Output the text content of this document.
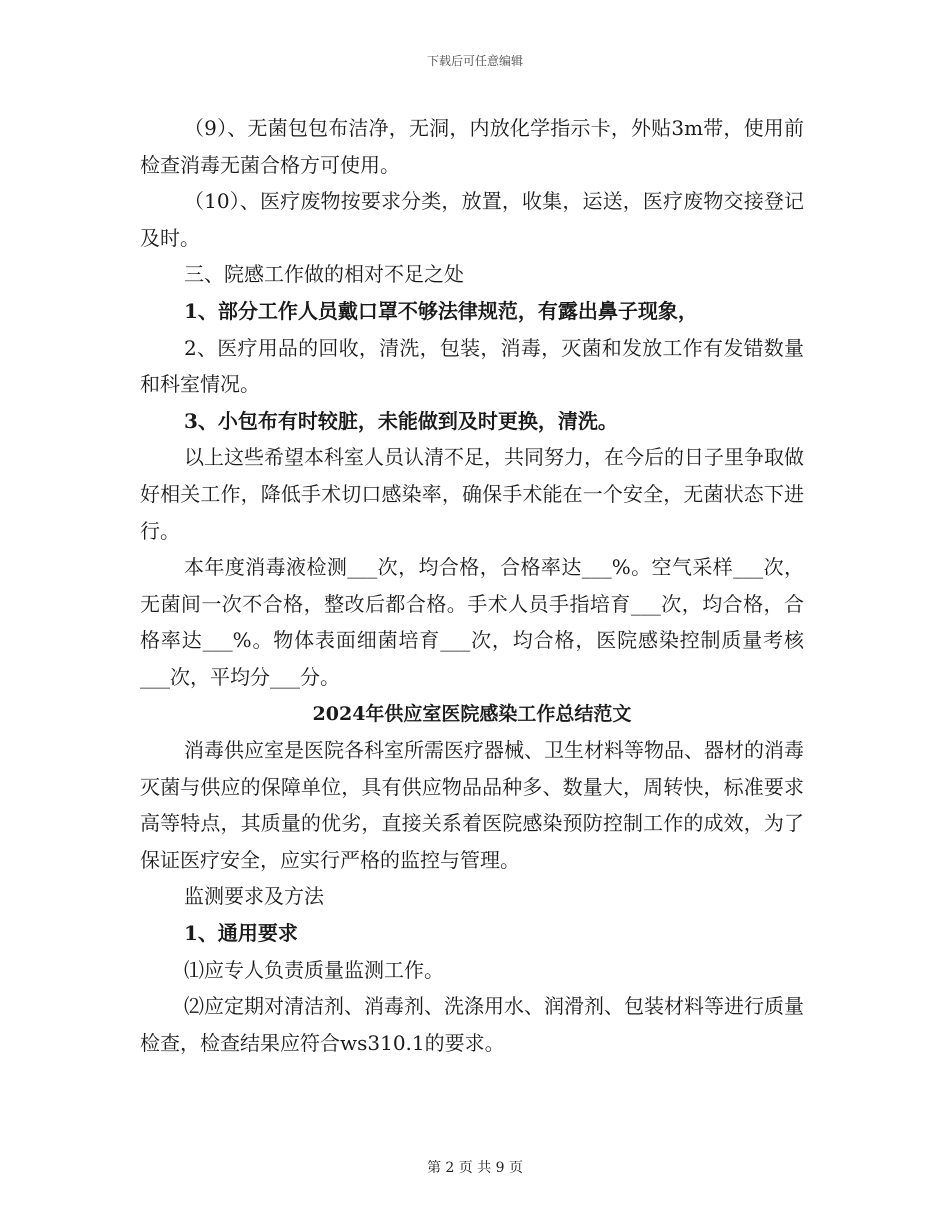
下载后可任意编辑

（9）、无菌包包布洁净，无洞，内放化学指示卡，外贴3m带，使用前检查消毒无菌合格方可使用。

（10）、医疗废物按要求分类，放置，收集，运送，医疗废物交接登记及时。

三、院感工作做的相对不足之处

1、部分工作人员戴口罩不够法律规范，有露出鼻子现象，

2、医疗用品的回收，清洗，包装，消毒，灭菌和发放工作有发错数量和科室情况。

3、小包布有时较脏，未能做到及时更换，清洗。

以上这些希望本科室人员认清不足，共同努力，在今后的日子里争取做好相关工作，降低手术切口感染率，确保手术能在一个安全，无菌状态下进行。

本年度消毒液检测___次，均合格，合格率达___%。空气采样___次，无菌间一次不合格，整改后都合格。手术人员手指培育___次，均合格，合格率达___%。物体表面细菌培育___次，均合格，医院感染控制质量考核___次，平均分___分。

2024年供应室医院感染工作总结范文

消毒供应室是医院各科室所需医疗器械、卫生材料等物品、器材的消毒灭菌与供应的保障单位，具有供应物品品种多、数量大，周转快，标准要求高等特点，其质量的优劣，直接关系着医院感染预防控制工作的成效，为了保证医疗安全，应实行严格的监控与管理。

监测要求及方法

1、通用要求

⑴应专人负责质量监测工作。

⑵应定期对清洁剂、消毒剂、洗涤用水、润滑剂、包装材料等进行质量检查，检查结果应符合ws310.1的要求。

第 2 页 共 9 页
